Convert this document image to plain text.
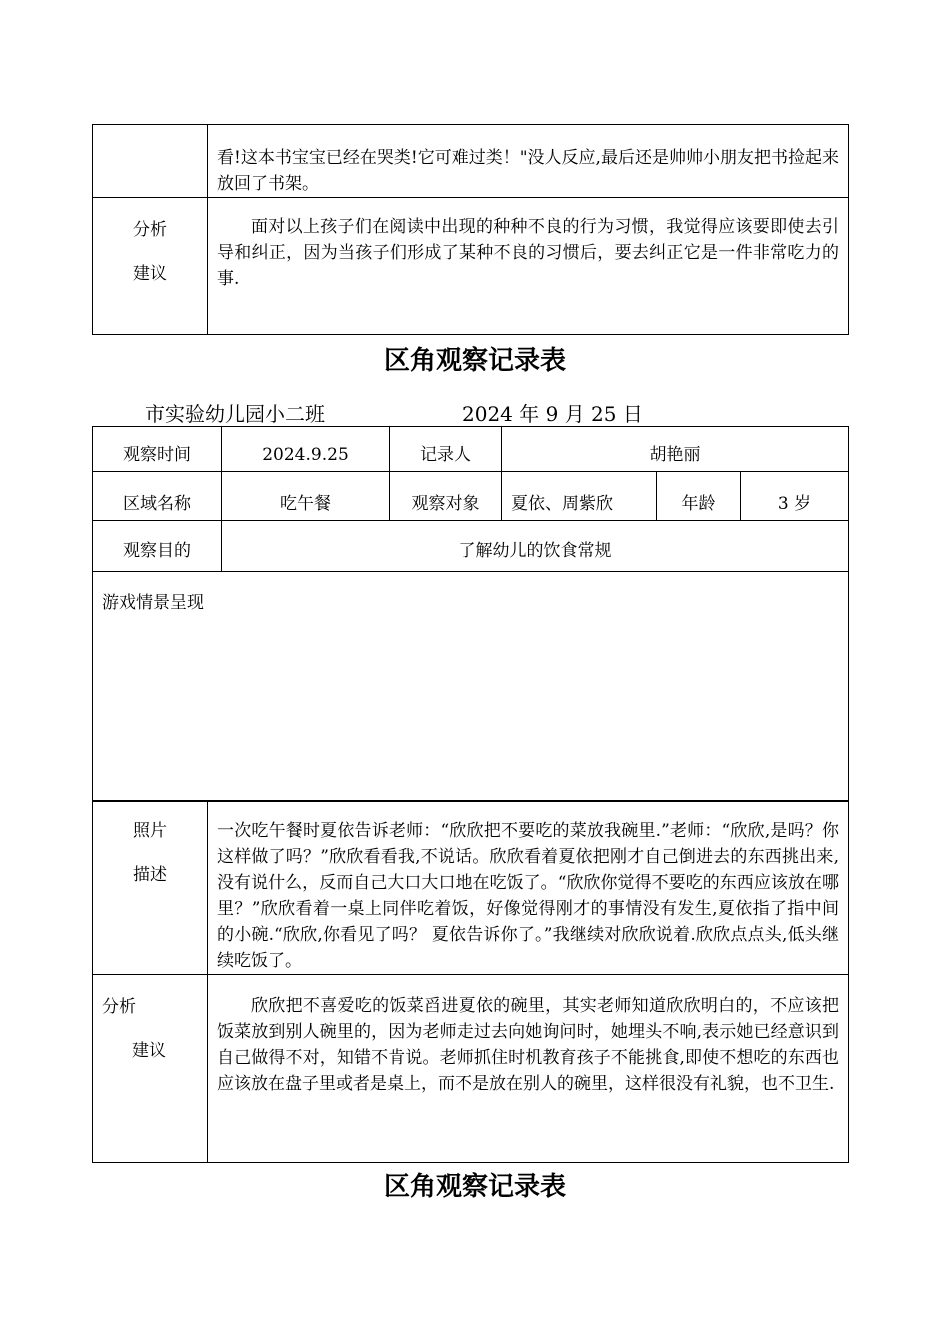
	看!这本书宝宝已经在哭类!它可难过类！"没人反应,最后还是帅帅小朋友把书捡起来放回了书架。

分析
建议	面对以上孩子们在阅读中出现的种种不良的行为习惯，我觉得应该要即使去引导和纠正，因为当孩子们形成了某种不良的习惯后，要去纠正它是一件非常吃力的事.
区角观察记录表
市实验幼儿园小二班	2024 年 9 月 25 日
观察时间	2024.9.25	记录人	胡艳丽		
区域名称	吃午餐	观察对象	夏依、周紫欣	年龄	3 岁
观察目的	了解幼儿的饮食常规				
游戏情景呈现					
照片
描述	一次吃午餐时夏依告诉老师：“欣欣把不要吃的菜放我碗里.”老师：“欣欣,是吗？你这样做了吗？”欣欣看看我,不说话。欣欣看着夏依把刚才自己倒进去的东西挑出来,没有说什么，反而自己大口大口地在吃饭了。“欣欣你觉得不要吃的东西应该放在哪里？”欣欣看着一桌上同伴吃着饭，好像觉得刚才的事情没有发生,夏依指了指中间的小碗.“欣欣,你看见了吗？ 夏依告诉你了。”我继续对欣欣说着.欣欣点点头,低头继续吃饭了。

分析
建议	欣欣把不喜爱吃的饭菜舀进夏依的碗里，其实老师知道欣欣明白的，不应该把饭菜放到别人碗里的，因为老师走过去向她询问时，她埋头不响,表示她已经意识到自己做得不对，知错不肯说。老师抓住时机教育孩子不能挑食,即使不想吃的东西也应该放在盘子里或者是桌上，而不是放在别人的碗里，这样很没有礼貌，也不卫生.
区角观察记录表
